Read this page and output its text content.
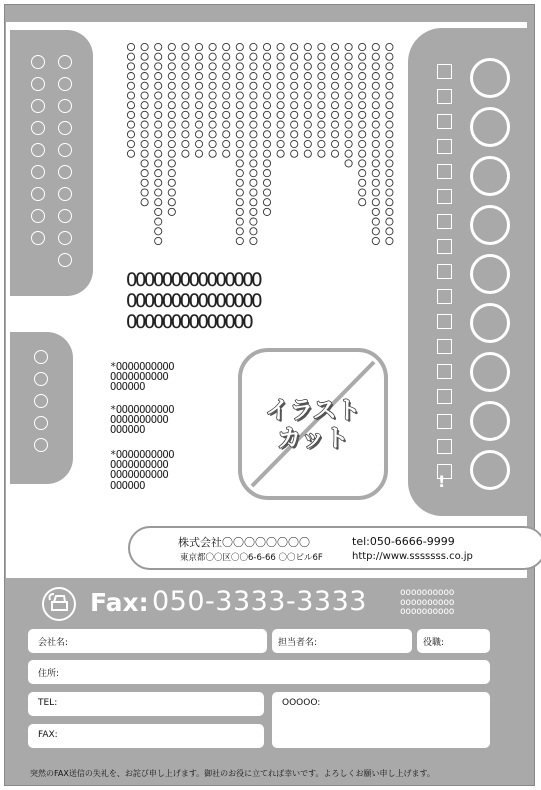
!
OOOOOOOOOOOOOOO
OOOOOOOOOOOOOOO
OOOOOOOOOOOOOO
*OOOOOOOOOO
OOOOOOOOOO
OOOOOO
*OOOOOOOOOO
OOOOOOOOOO
OOOOOO
*OOOOOOOOOO
OOOOOOOOOO
OOOOOOOOOO
OOOOOO
イラスト
カット
株式会社〇〇〇〇〇〇〇〇	tel:050-6666-9999
東京都〇〇区〇〇6-6-66 〇〇ビル6F	http://www.sssssss.co.jp
Fax: 050-3333-3333	oooooooooo
oooooooooo
oooooooooo
会社名:	担当者名:	役職:
住所:
TEL:
FAX:
OOOOO:
突然のFAX送信の失礼を、お詫び申し上げます。御社のお役に立てれば幸いです。よろしくお願い申し上げます。
